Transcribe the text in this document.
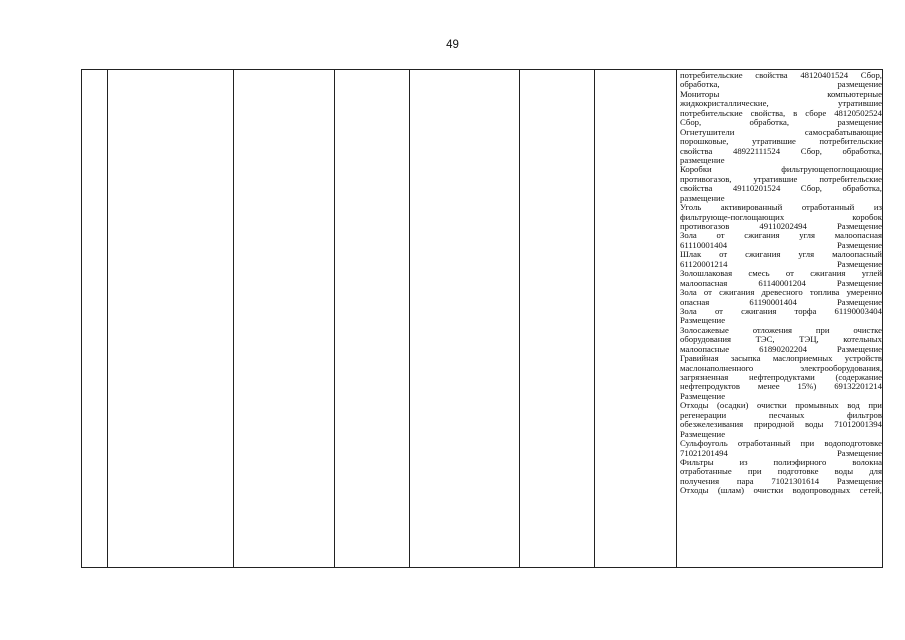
49
потребительские свойства 48120401524 Сбор,
обработка,	размещение
Мониторы	компьютерные
жидкокристаллические,	утратившие
потребительские свойства, в сборе 48120502524
Сбор,	обработка,	размещение
Огнетушители	самосрабатывающие
порошковые,	утратившие	потребительские
свойства 48922111524 Сбор, обработка,
размещение
Коробки	фильтрующепоглощающие
противогазов,	утратившие	потребительские
свойства 49110201524 Сбор, обработка,
размещение
Уголь активированный отработанный из
фильтрующе-поглощающих	коробок
противогазов	49110202494	Размещение
Зола от сжигания угля малоопасная
61110001404	Размещение
Шлак от сжигания угля малоопасный
61120001214	Размещение
Золошлаковая смесь от сжигания углей
малоопасная	61140001204	Размещение
Зола от сжигания древесного топлива умеренно
опасная	61190001404	Размещение
Зола от сжигания торфа 61190003404
Размещение
Золосажевые	отложения	при	очистке
оборудования	ТЭС,	ТЭЦ,	котельных
малоопасные	61890202204	Размещение
Гравийная засыпка маслоприемных устройств
маслонаполненного	электрооборудования,
загрязненная нефтепродуктами (содержание
нефтепродуктов менее 15%) 69132201214
Размещение
Отходы (осадки) очистки промывных вод при
регенерации	песчаных	фильтров
обезжелезивания природной воды 71012001394
Размещение
Сульфоуголь отработанный при водоподготовке
71021201494	Размещение
Фильтры	из	полиэфирного	волокна
отработанные при подготовке воды для
получения пара 71021301614 Размещение
Отходы (шлам) очистки водопроводных сетей,
